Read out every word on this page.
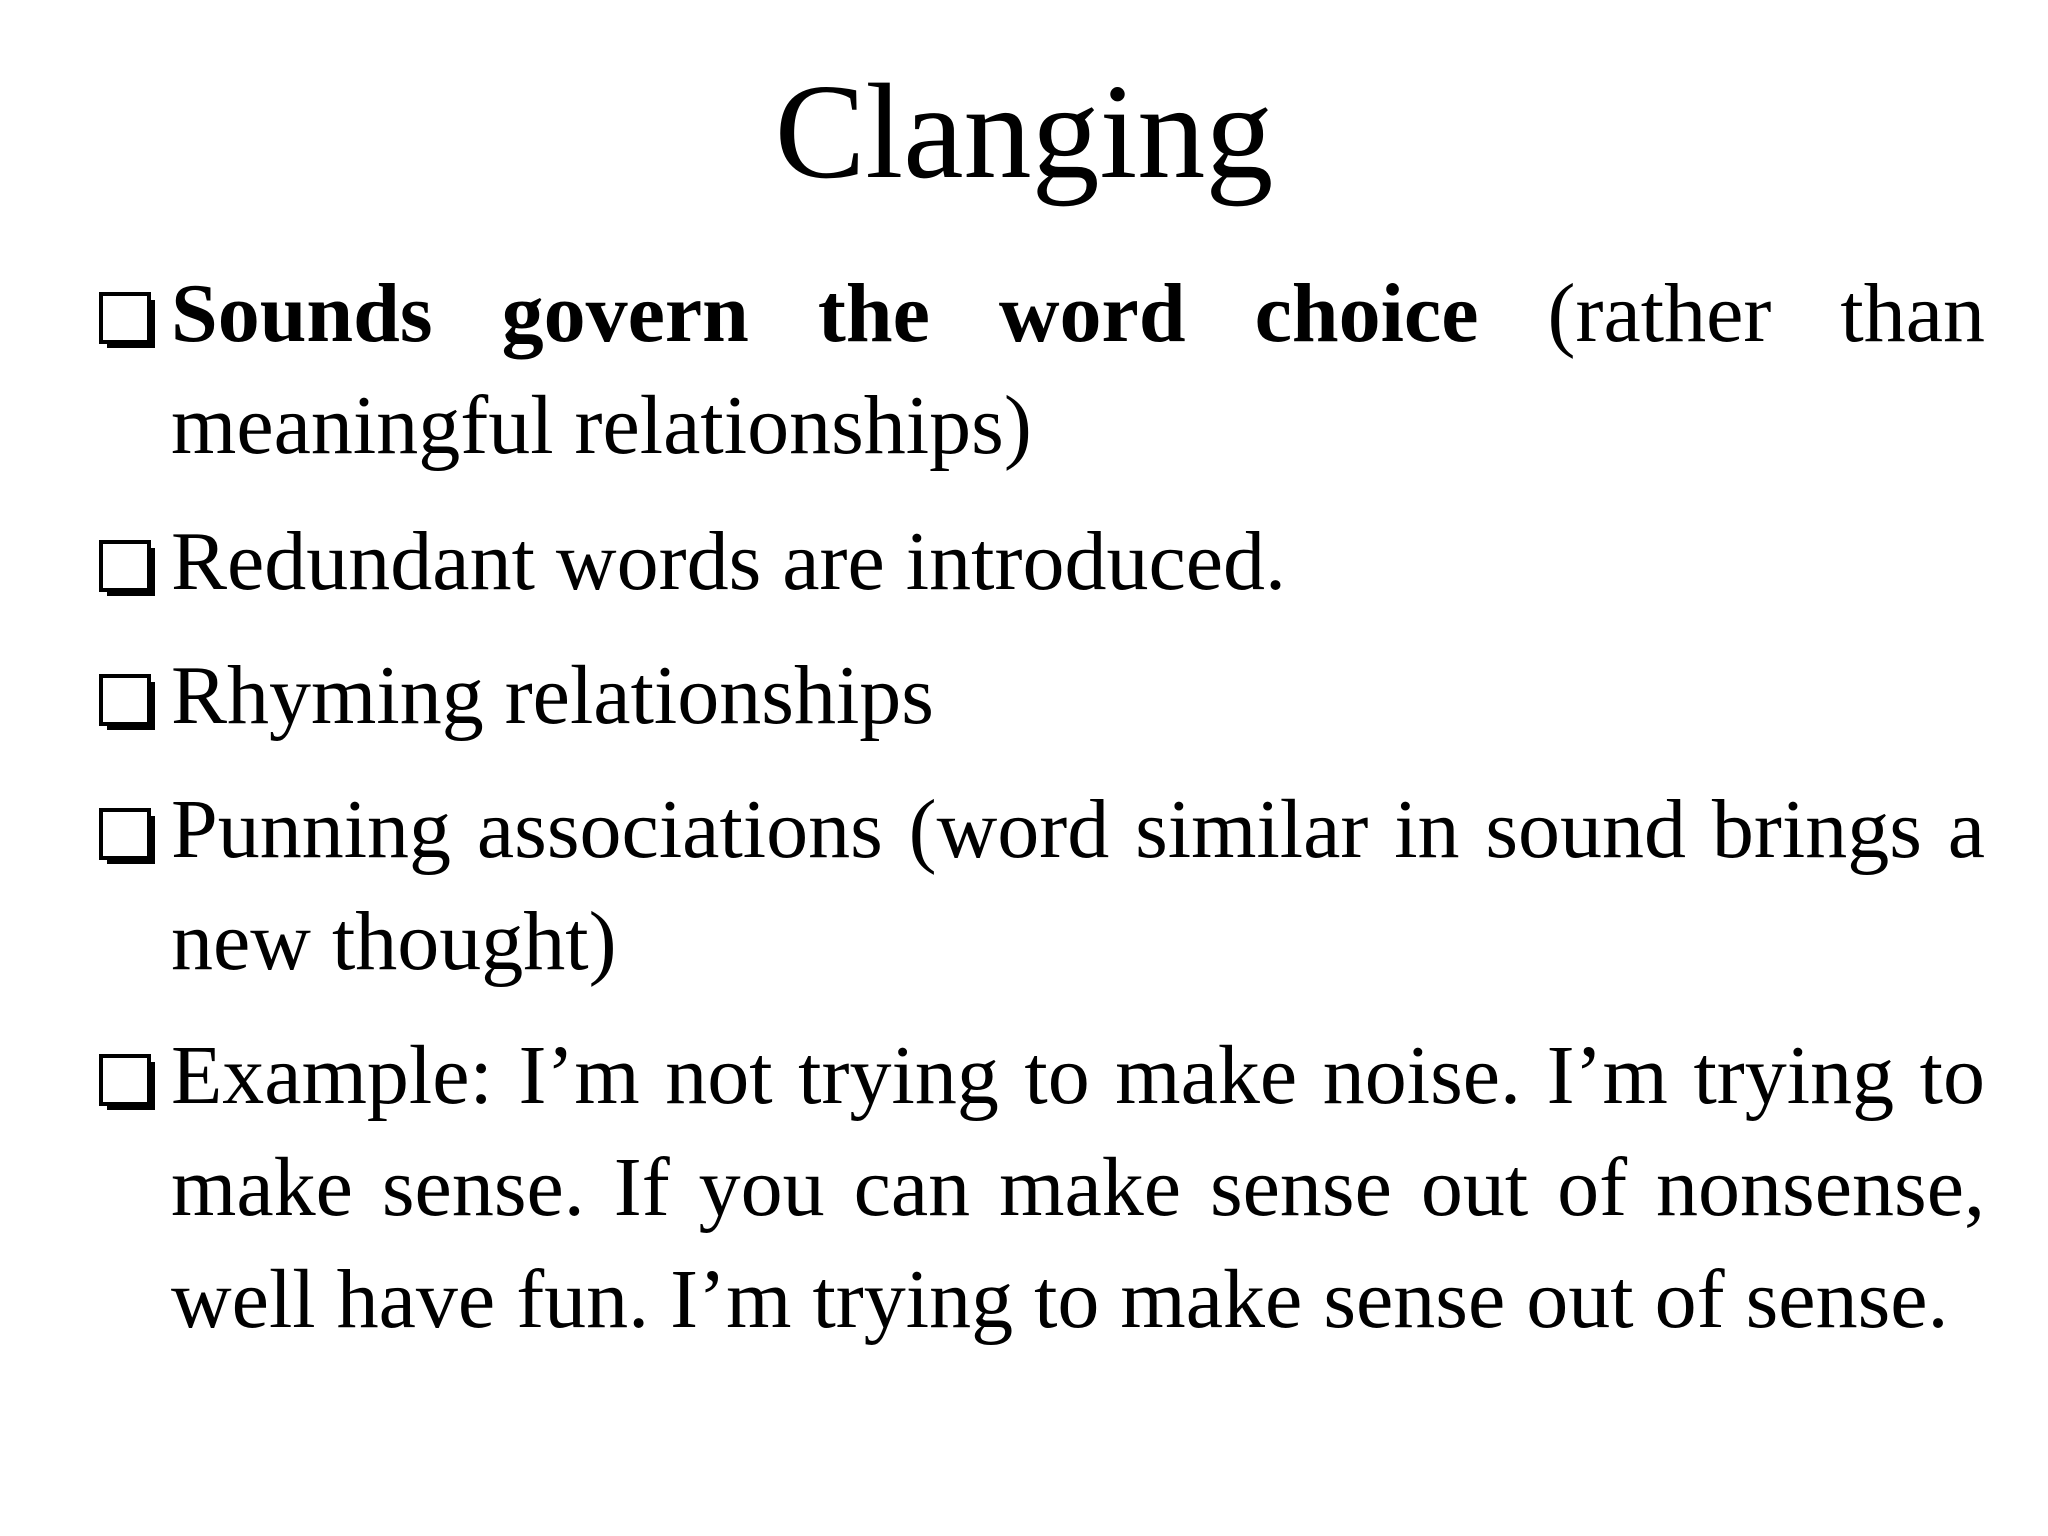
Clanging
Sounds govern the word choice (rather than meaningful relationships)
Redundant words are introduced.
Rhyming relationships
Punning associations (word similar in sound brings a new thought)
Example: I’m not trying to make noise. I’m trying to make sense. If you can make sense out of nonsense, well have fun. I’m trying to make sense out of sense.
